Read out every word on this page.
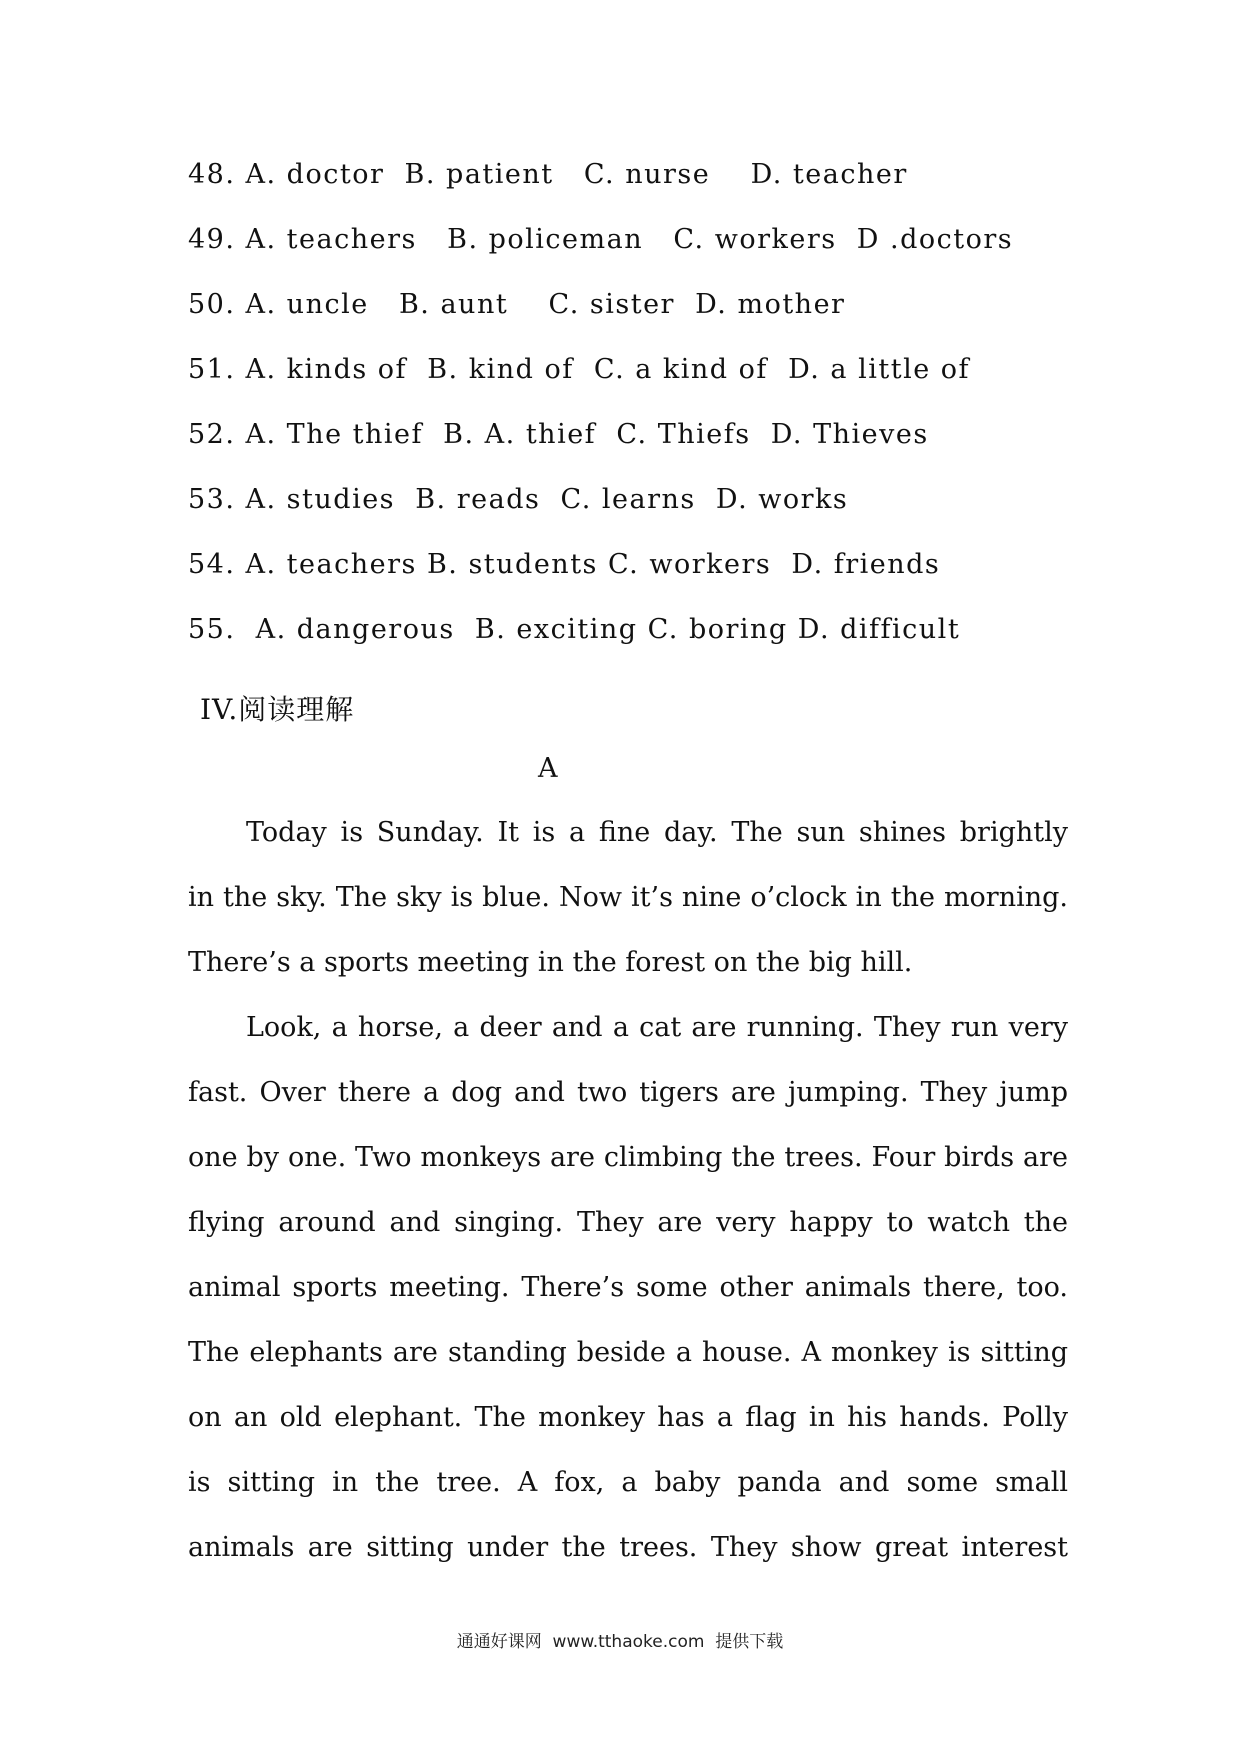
48. A. doctor  B. patient   C. nurse    D. teacher
49. A. teachers   B. policeman   C. workers  D .doctors
50. A. uncle   B. aunt    C. sister  D. mother
51. A. kinds of  B. kind of  C. a kind of  D. a little of
52. A. The thief  B. A. thief  C. Thiefs  D. Thieves
53. A. studies  B. reads  C. learns  D. works
54. A. teachers B. students C. workers  D. friends
55.  A. dangerous  B. exciting C. boring D. difficult
IV.阅读理解
A
Today is Sunday. It is a fine day. The sun shines brightly
in the sky. The sky is blue. Now it’s nine o’clock in the morning.
There’s a sports meeting in the forest on the big hill.
Look, a horse, a deer and a cat are running. They run very
fast. Over there a dog and two tigers are jumping. They jump
one by one. Two monkeys are climbing the trees. Four birds are
flying around and singing. They are very happy to watch the
animal sports meeting. There’s some other animals there, too.
The elephants are standing beside a house. A monkey is sitting
on an old elephant. The monkey has a flag in his hands. Polly
is sitting in the tree. A fox, a baby panda and some small
animals are sitting under the trees. They show great interest
通通好课网  www.tthaoke.com  提供下载
